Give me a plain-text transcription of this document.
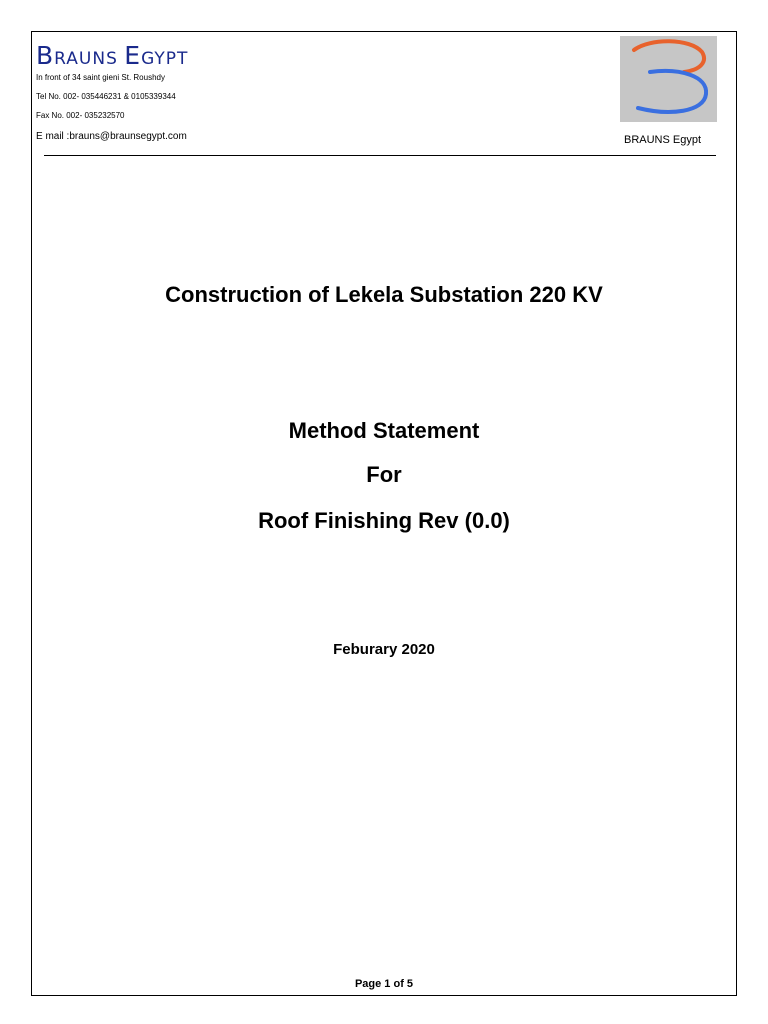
BRAUNS EGYPT
In front of 34 saint gieni St. Roushdy
Tel No. 002- 035446231 & 0105339344
Fax No. 002- 035232570
E mail :brauns@braunsegypt.com	BRAUNS Egypt
Construction of Lekela Substation 220 KV
Method Statement
For
Roof Finishing Rev (0.0)
Feburary 2020
Page 1 of 5
